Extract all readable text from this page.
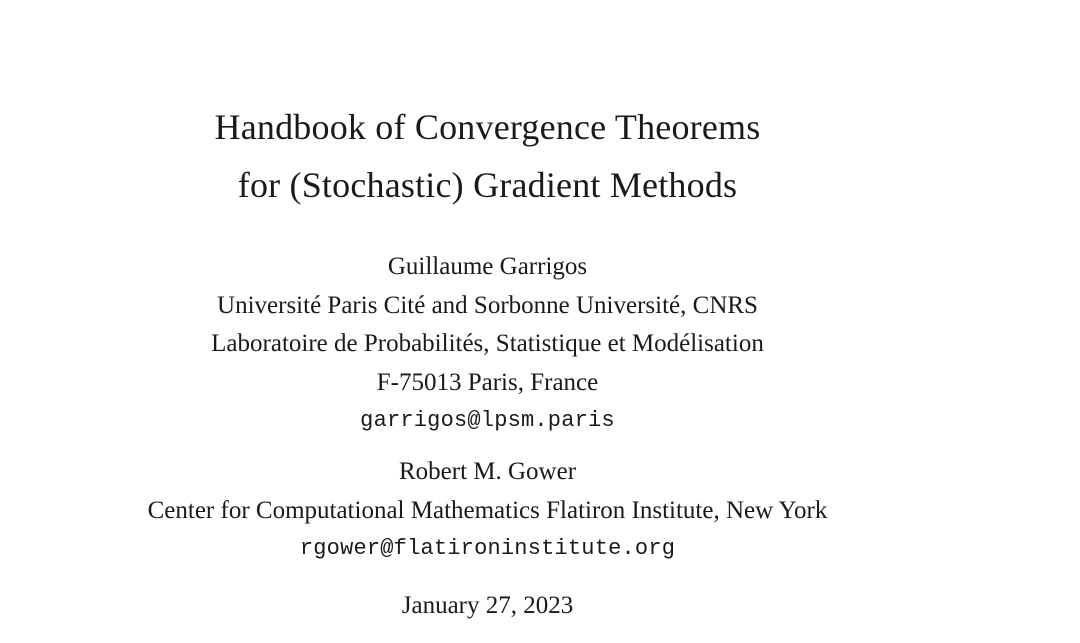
Handbook of Convergence Theorems
for (Stochastic) Gradient Methods
Guillaume Garrigos
Université Paris Cité and Sorbonne Université, CNRS
Laboratoire de Probabilités, Statistique et Modélisation
F-75013 Paris, France
garrigos@lpsm.paris
Robert M. Gower
Center for Computational Mathematics Flatiron Institute, New York
rgower@flatironinstitute.org
January 27, 2023
